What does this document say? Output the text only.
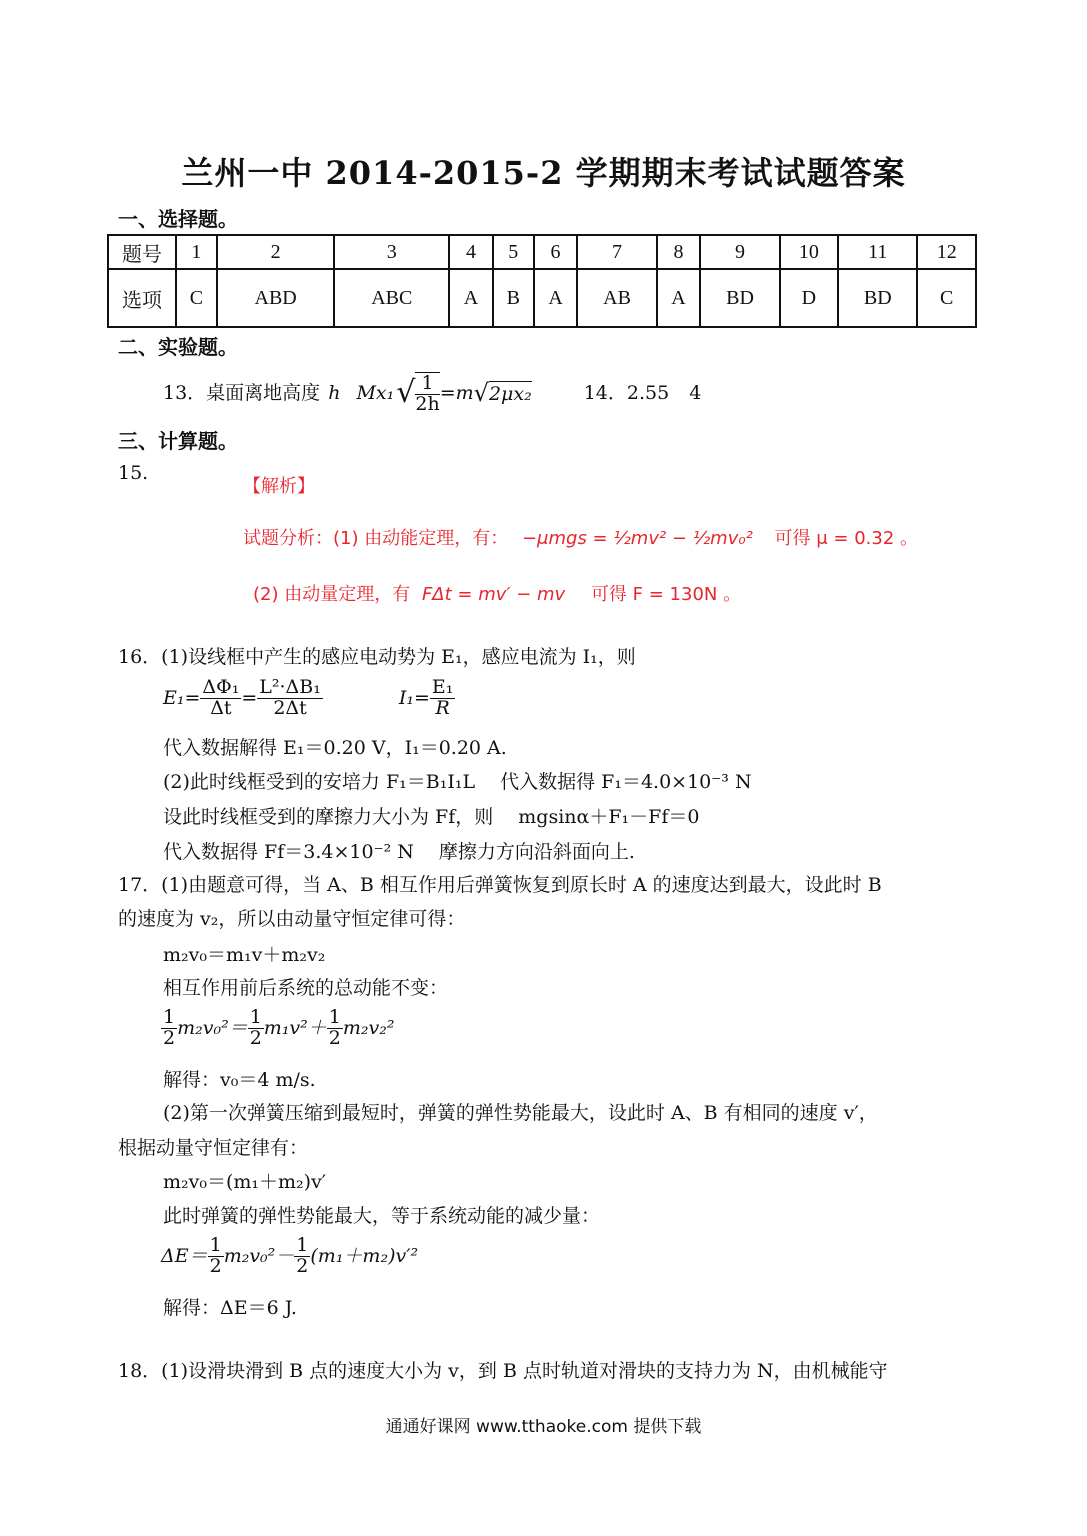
兰州一中 2014-2015-2 学期期末考试试题答案
一、选择题。
题号	1	2	3	4	5	6	7	8	9	10	11	12
选项	C	ABD	ABC	A	B	A	AB	A	BD	D	BD	C
二、实验题。
13．桌面离地高度 h Mx₁ √ $\frac{1}{2h} = m$ √ 2μx₂	14．2.55 4
三、计算题。
15.
【解析】
试题分析：(1) 由动能定理，有： −μmgs = ½mv² − ½mv₀² 可得 μ = 0.32 。
(2) 由动量定理，有 FΔt = mv′ − mv 可得 F = 130N 。
16．(1)设线框中产生的感应电动势为 E₁，感应电流为 I₁，则
$E_1= \frac{\text{ΔΦ₁}}{\Delta t} = \frac{\text{L²·ΔB₁}}{2\Delta t}$	$I_1= \frac{\text{E₁}}{R}$
代入数据解得 E₁＝0.20 V，I₁＝0.20 A.
(2)此时线框受到的安培力 F₁＝B₁I₁L　 代入数据得 F₁＝4.0×10⁻³ N
设此时线框受到的摩擦力大小为 Ff，则　 mgsinα＋F₁－Ff＝0
代入数据得 Ff＝3.4×10⁻² N　 摩擦力方向沿斜面向上.
17．(1)由题意可得，当 A、B 相互作用后弹簧恢复到原长时 A 的速度达到最大，设此时 B
的速度为 v₂，所以由动量守恒定律可得：
m₂v₀＝m₁v＋m₂v₂
相互作用前后系统的总动能不变：
$\frac{1}{2} m_2v_0^2= \frac{1}{2} m_1v^2+ \frac{1}{2} m_2v_2^2$
解得：v₀＝4 m/s.
(2)第一次弹簧压缩到最短时，弹簧的弹性势能最大，设此时 A、B 有相同的速度 v′，
根据动量守恒定律有：
m₂v₀＝(m₁＋m₂)v′
此时弹簧的弹性势能最大，等于系统动能的减少量：
$\Delta E= \frac{1}{2} m_2v_0^2- \frac{1}{2} (m_1+m_2)v'^2$
解得：ΔE＝6 J.
18．(1)设滑块滑到 B 点的速度大小为 v，到 B 点时轨道对滑块的支持力为 N，由机械能守
通通好课网 www.tthaoke.com 提供下载
